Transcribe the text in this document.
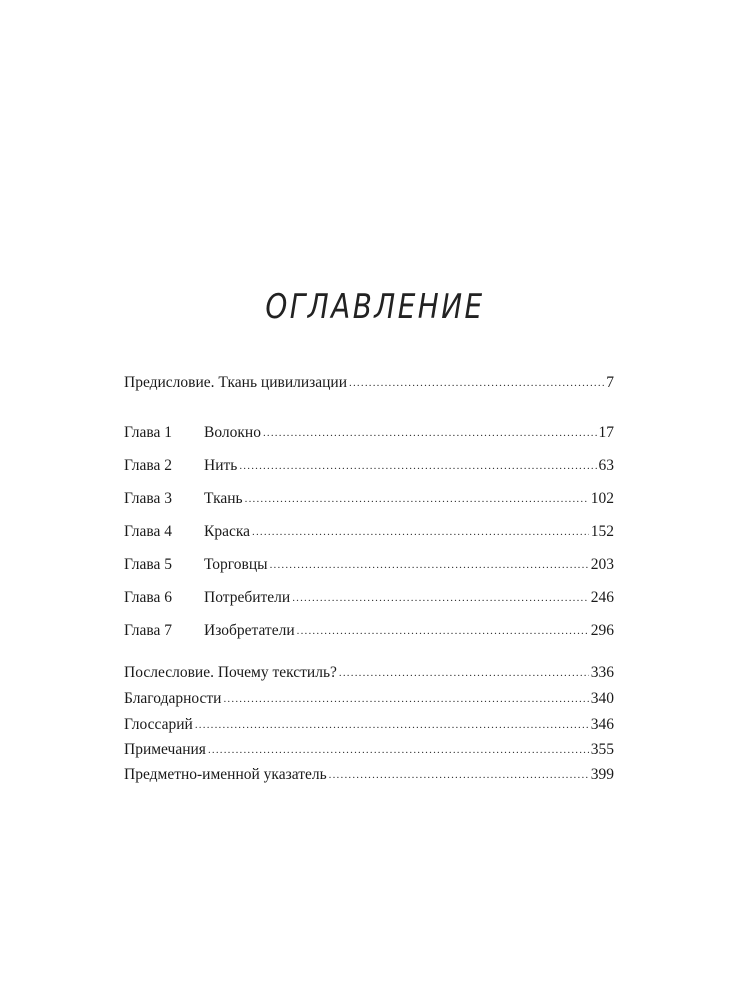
ОГЛАВЛЕНИЕ
Предисловие. Ткань цивилизации .....	7
Глава 1	Волокно .....	17
Глава 2	Нить .....	63
Глава 3	Ткань .....	102
Глава 4	Краска .....	152
Глава 5	Торговцы .....	203
Глава 6	Потребители .....	246
Глава 7	Изобретатели .....	296
Послесловие. Почему текстиль? .....	336
Благодарности .....	340
Глоссарий .....	346
Примечания .....	355
Предметно-именной указатель .....	399
